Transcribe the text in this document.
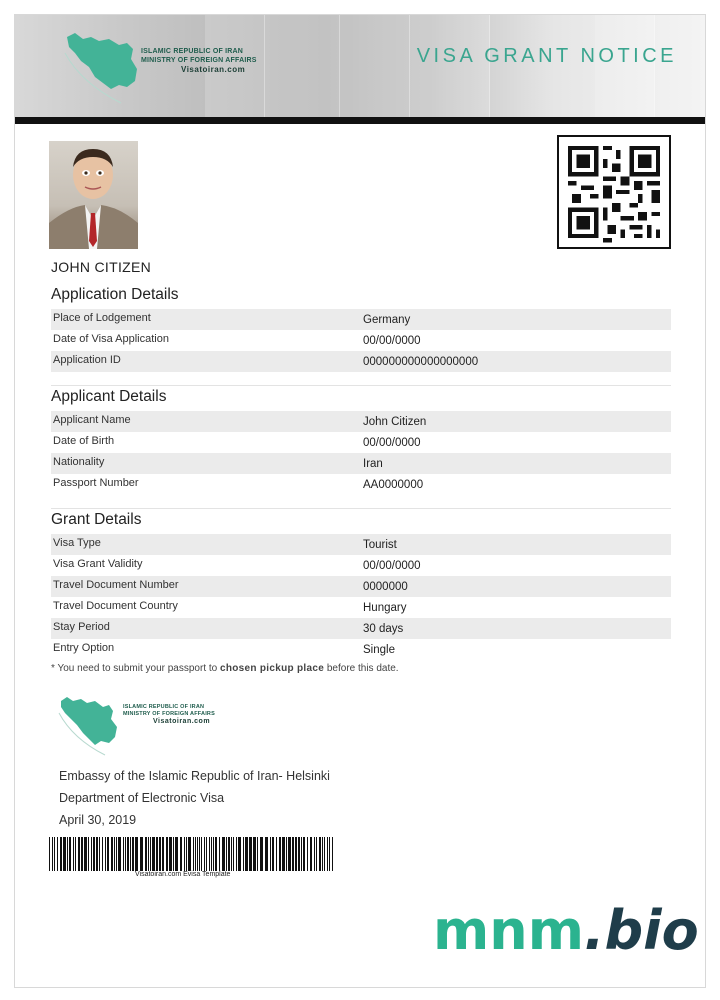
ISLAMIC REPUBLIC OF IRAN
MINISTRY OF FOREIGN AFFAIRS
Visatoiran.com
VISA GRANT NOTICE
JOHN CITIZEN
Application Details
Place of Lodgement	Germany
Date of Visa Application	00/00/0000
Application ID	000000000000000000
Applicant Details
Applicant Name	John Citizen
Date of Birth	00/00/0000
Nationality	Iran
Passport Number	AA0000000
Grant Details
Visa Type	Tourist
Visa Grant Validity	00/00/0000
Travel Document Number	0000000
Travel Document Country	Hungary
Stay Period	30 days
Entry Option	Single
* You need to submit your passport to chosen pickup place before this date.
ISLAMIC REPUBLIC OF IRAN
MINISTRY OF FOREIGN AFFAIRS
Visatoiran.com
Embassy of the Islamic Republic of Iran- Helsinki
Department of Electronic Visa
April 30, 2019
Visatoiran.com Evisa Template
mnm.bio
